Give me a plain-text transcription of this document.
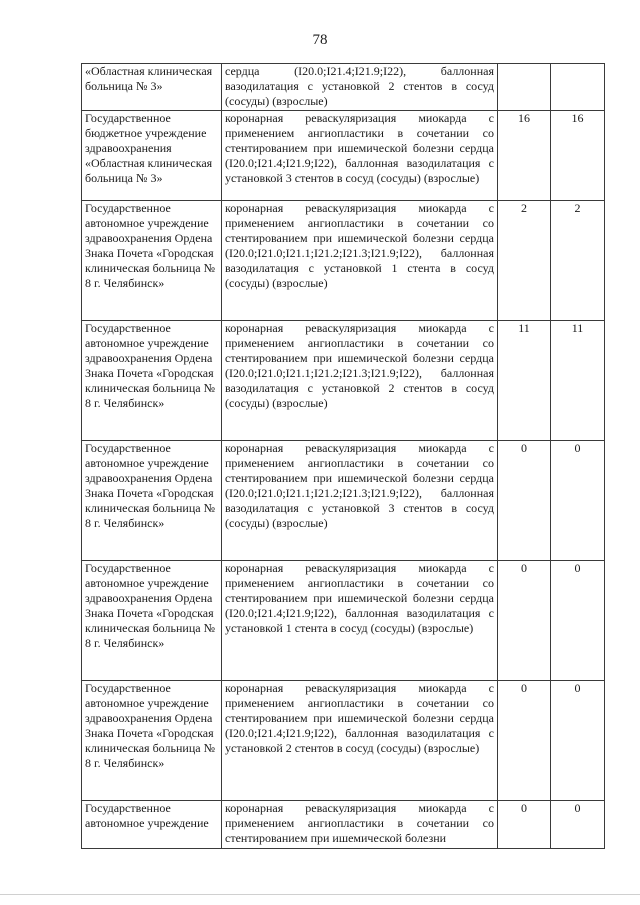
78
«Областная клиническая больница № 3»	сердца (I20.0;I21.4;I21.9;I22), баллонная вазодилатация с установкой 2 стентов в сосуд (сосуды) (взрослые)		
Государственное бюджетное учреждение здравоохранения «Областная клиническая больница № 3»	коронарная реваскуляризация миокарда с применением ангиопластики в сочетании со стентированием при ишемической болезни сердца (I20.0;I21.4;I21.9;I22), баллонная вазодилатация с установкой 3 стентов в сосуд (сосуды) (взрослые)	16	16
Государственное автономное учреждение здравоохранения Ордена Знака Почета «Городская клиническая больница № 8 г. Челябинск»	коронарная реваскуляризация миокарда с применением ангиопластики в сочетании со стентированием при ишемической болезни сердца (I20.0;I21.0;I21.1;I21.2;I21.3;I21.9;I22), баллонная вазодилатация с установкой 1 стента в сосуд (сосуды) (взрослые)	2	2
Государственное автономное учреждение здравоохранения Ордена Знака Почета «Городская клиническая больница № 8 г. Челябинск»	коронарная реваскуляризация миокарда с применением ангиопластики в сочетании со стентированием при ишемической болезни сердца (I20.0;I21.0;I21.1;I21.2;I21.3;I21.9;I22), баллонная вазодилатация с установкой 2 стентов в сосуд (сосуды) (взрослые)	11	11
Государственное автономное учреждение здравоохранения Ордена Знака Почета «Городская клиническая больница № 8 г. Челябинск»	коронарная реваскуляризация миокарда с применением ангиопластики в сочетании со стентированием при ишемической болезни сердца (I20.0;I21.0;I21.1;I21.2;I21.3;I21.9;I22), баллонная вазодилатация с установкой 3 стентов в сосуд (сосуды) (взрослые)	0	0
Государственное автономное учреждение здравоохранения Ордена Знака Почета «Городская клиническая больница № 8 г. Челябинск»	коронарная реваскуляризация миокарда с применением ангиопластики в сочетании со стентированием при ишемической болезни сердца (I20.0;I21.4;I21.9;I22), баллонная вазодилатация с установкой 1 стента в сосуд (сосуды) (взрослые)	0	0
Государственное автономное учреждение здравоохранения Ордена Знака Почета «Городская клиническая больница № 8 г. Челябинск»	коронарная реваскуляризация миокарда с применением ангиопластики в сочетании со стентированием при ишемической болезни сердца (I20.0;I21.4;I21.9;I22), баллонная вазодилатация с установкой 2 стентов в сосуд (сосуды) (взрослые)	0	0
Государственное автономное учреждение	коронарная реваскуляризация миокарда с применением ангиопластики в сочетании со стентированием при ишемической болезни	0	0
